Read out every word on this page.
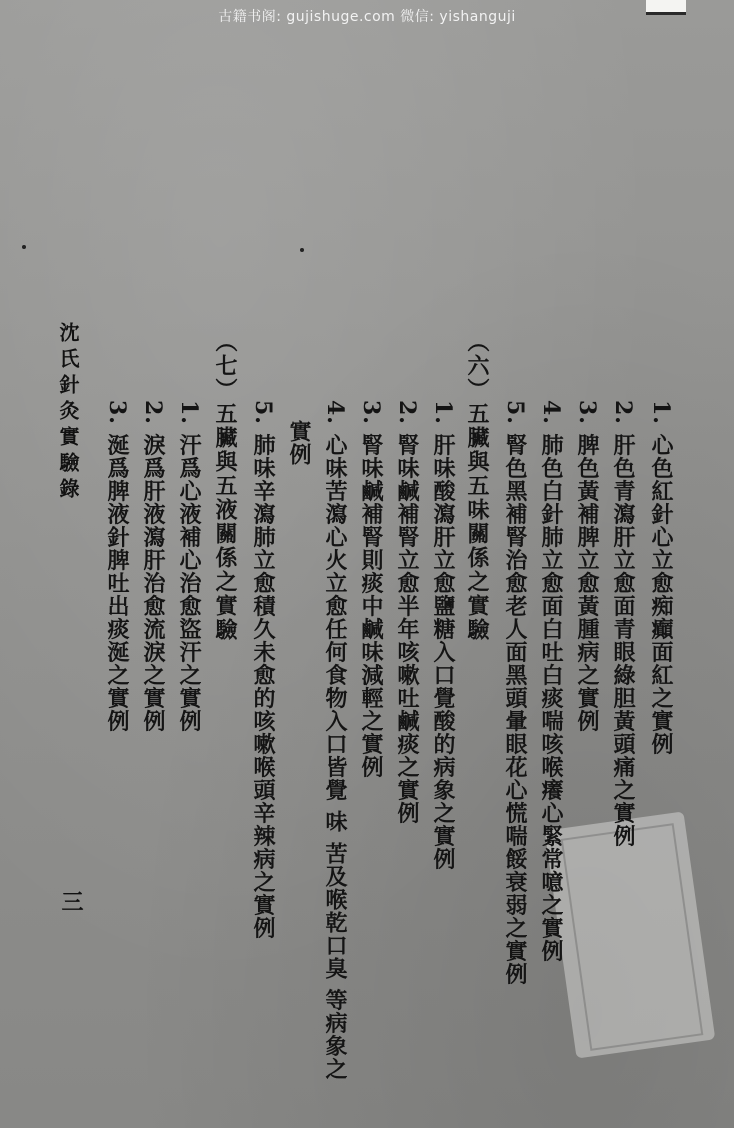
古籍书阁: gujishuge.com 微信: yishanguji
1. 心色紅針心立愈痴癲面紅之實例
2. 肝色青瀉肝立愈面青眼綠胆黃頭痛之實例
3. 脾色黃補脾立愈黃腫病之實例
4. 肺色白針肺立愈面白吐白痰喘咳喉癢心緊常噫之實例
5. 腎色黑補腎治愈老人面黑頭暈眼花心慌喘餒衰弱之實例
（六）五臟與五味關係之實驗
1. 肝味酸瀉肝立愈鹽糖入口覺酸的病象之實例
2. 腎味鹹補腎立愈半年咳嗽吐鹹痰之實例
3. 腎味鹹補腎則痰中鹹味減輕之實例
4. 心味苦瀉心火立愈任何食物入口皆覺 味 苦及喉乾口臭 等病象之
實例
5. 肺味辛瀉肺立愈積久未愈的咳嗽喉頭辛辣病之實例
（七）五臟與五液關係之實驗
1. 汗爲心液補心治愈盜汗之實例
2. 淚爲肝液瀉肝治愈流淚之實例
3. 涎爲脾液針脾吐出痰涎之實例
沈氏針灸實驗錄
三
